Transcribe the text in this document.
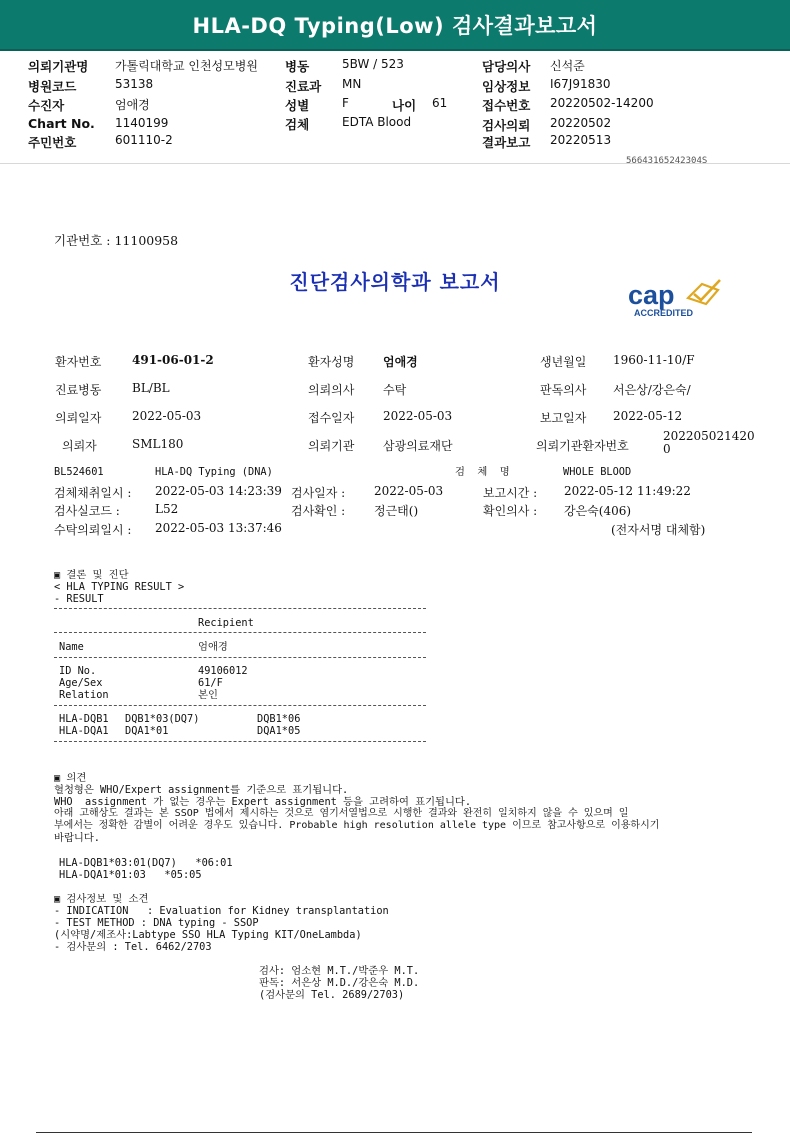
HLA-DQ Typing(Low) 검사결과보고서
의뢰기관명 가톨릭대학교 인천성모병원
병원코드	53138
수진자	엄애경
Chart No. 1140199
주민번호	601110-2
병동	5BW / 523
진료과 MN
성별	F	나이 61
검체	EDTA Blood
담당의사 신석준
임상정보 I67J91830
접수번호 20220502-14200
검사의뢰 20220502
결과보고 20220513
56643165242304S
기관번호 : 11100958
진단검사의학과 보고서	cap
ACCREDITED
환자번호	491-06-01-2	환자성명 엄애경	생년월일 1960-11-10/F
진료병동	BL/BL	의뢰의사 수탁	판독의사 서은상/강은숙/
의뢰일자	2022-05-03	접수일자 2022-05-03	보고일자 2022-05-12
의뢰자	SML180	의뢰기관 삼광의료재단	의뢰기관환자번호
202205021420
0
BL524601	HLA-DQ Typing (DNA)	검  체  명	WHOLE BLOOD
검체채취일시 : 2022-05-03 14:23:39 검사일자 : 2022-05-03	보고시간 : 2022-05-12 11:49:22
검사실코드 :	L52	검사확인 : 정근태()	확인의사 : 강은숙(406)
수탁의뢰일시 : 2022-05-03 13:37:46	(전자서명 대체함)
▣ 결론 및 진단
< HLA TYPING RESULT >
- RESULT
Recipient
Name	엄애경
ID No.	49106012
Age/Sex	61/F
Relation	본인
HLA-DQB1 DQB1*03(DQ7)	DQB1*06
HLA-DQA1 DQA1*01	DQA1*05
▣ 의견
혈청형은 WHO/Expert assignment를 기준으로 표기됩니다.
WHO  assignment 가 없는 경우는 Expert assignment 등을 고려하여 표기됩니다.
아래 고해상도 결과는 본 SSOP 법에서 제시하는 것으로 염기서열법으로 시행한 결과와 완전히 일치하지 않을 수 있으며 일
부에서는 정확한 감별이 어려운 경우도 있습니다. Probable high resolution allele type 이므로 참고사항으로 이용하시기
바랍니다.
HLA-DQB1*03:01(DQ7)   *06:01
HLA-DQA1*01:03   *05:05
▣ 검사정보 및 소견
- INDICATION   : Evaluation for Kidney transplantation
- TEST METHOD : DNA typing - SSOP
(시약명/제조사:Labtype SSO HLA Typing KIT/OneLambda)
- 검사문의 : Tel. 6462/2703
검사: 엄소현 M.T./박준우 M.T.
판독: 서은상 M.D./강은숙 M.D.
(검사문의 Tel. 2689/2703)
